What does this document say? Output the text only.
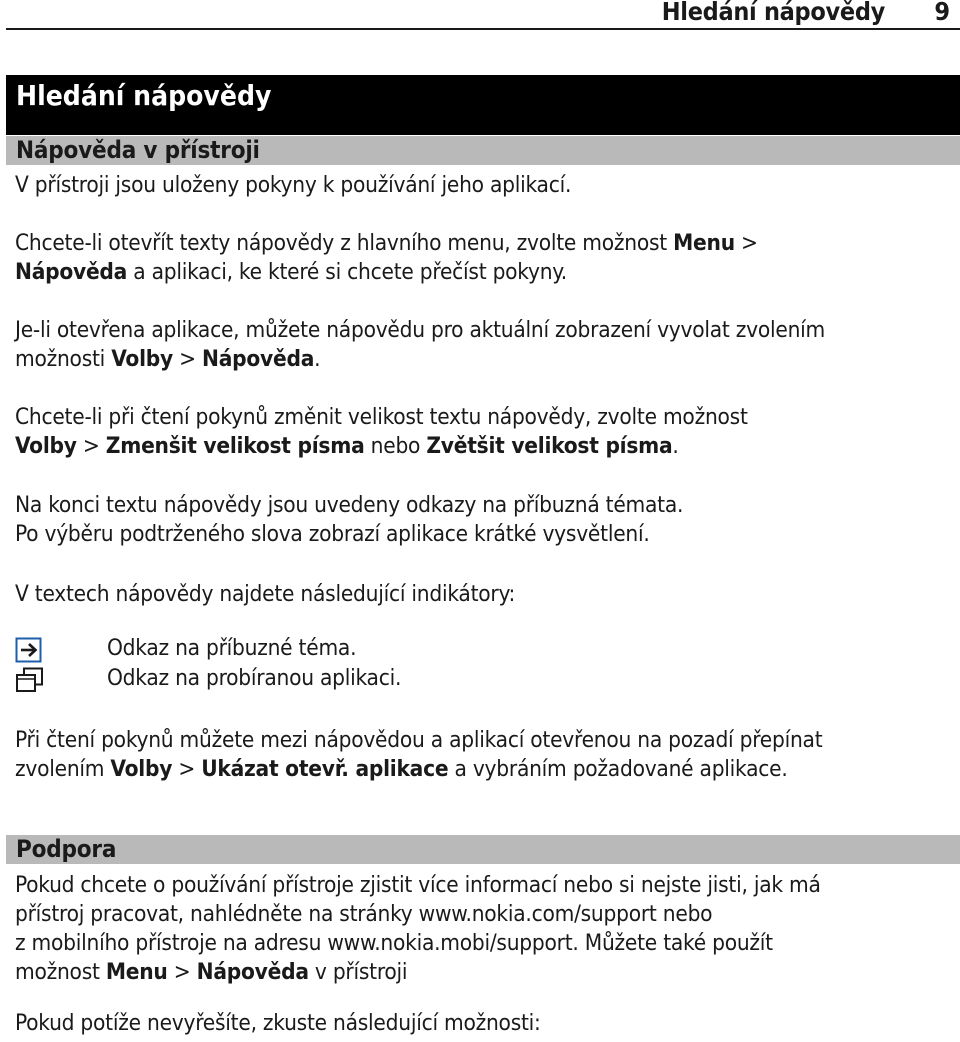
Hledání nápovědy 9
Hledání nápovědy
Nápověda v přístroji

V přístroji jsou uloženy pokyny k používání jeho aplikací.

Chcete-li otevřít texty nápovědy z hlavního menu, zvolte možnost Menu >
Nápověda a aplikaci, ke které si chcete přečíst pokyny.

Je-li otevřena aplikace, můžete nápovědu pro aktuální zobrazení vyvolat zvolením
možnosti Volby > Nápověda.

Chcete-li při čtení pokynů změnit velikost textu nápovědy, zvolte možnost
Volby > Zmenšit velikost písma nebo Zvětšit velikost písma.

Na konci textu nápovědy jsou uvedeny odkazy na příbuzná témata.
Po výběru podtrženého slova zobrazí aplikace krátké vysvětlení.

V textech nápovědy najdete následující indikátory:

Odkaz na příbuzné téma.
Odkaz na probíranou aplikaci.

Při čtení pokynů můžete mezi nápovědou a aplikací otevřenou na pozadí přepínat
zvolením Volby > Ukázat otevř. aplikace a vybráním požadované aplikace.

Podpora

Pokud chcete o používání přístroje zjistit více informací nebo si nejste jisti, jak má
přístroj pracovat, nahlédněte na stránky www.nokia.com/support nebo
z mobilního přístroje na adresu www.nokia.mobi/support. Můžete také použít
možnost Menu > Nápověda v přístroji

Pokud potíže nevyřešíte, zkuste následující možnosti:
